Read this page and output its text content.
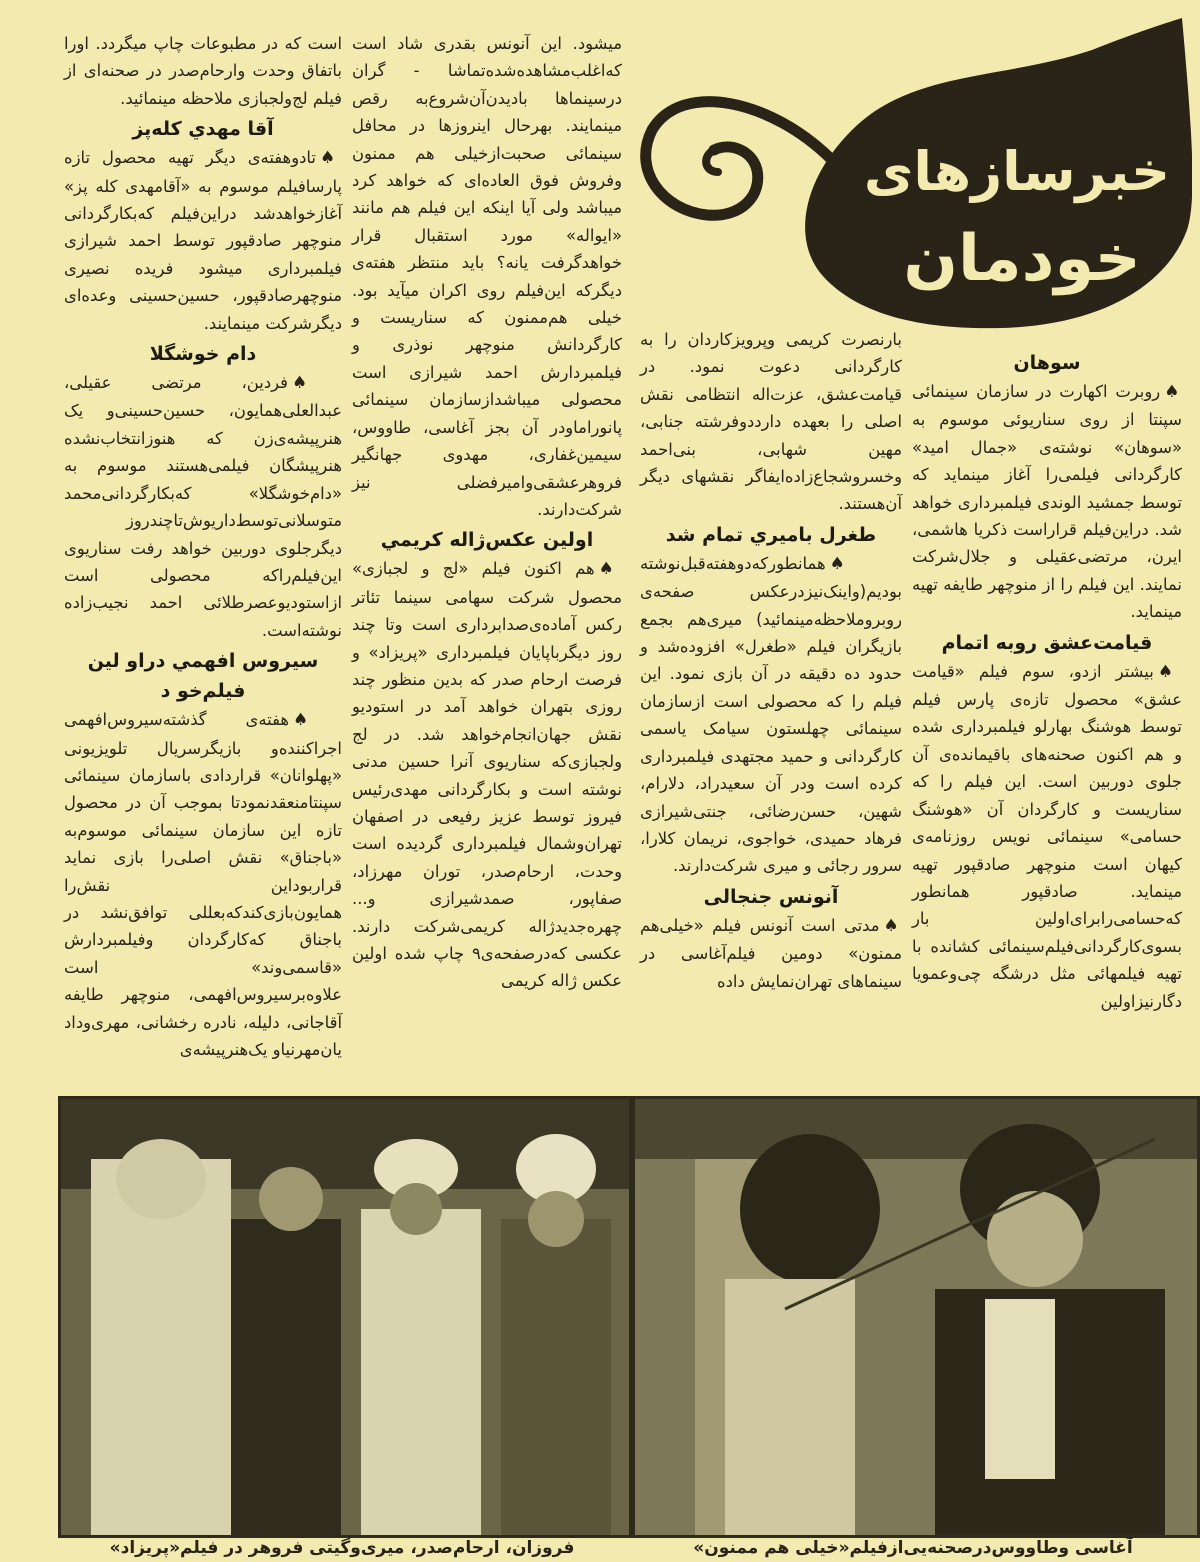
خبرسازهای
خودمان
سوهان

♠روبرت اکهارت در سازمان سینمائی سپنتا از روی سناریوئی موسوم به «سوهان» نوشته‌ی «جمال امید» کارگردانی فیلمی‌را آغاز مینماید که توسط جمشید الوندی فیلمبرداری خواهد شد. دراین‌فیلم قراراست ذکریا هاشمی، ایرن، مرتضی‌عقیلی و جلال‌شرکت نمایند. این فیلم را از منوچهر طایفه تهیه مینماید.

قیامت‌عشق روبه اتمام

♠بیشتر ازدو، سوم فیلم «قیامت عشق» محصول تازه‌ی پارس فیلم توسط هوشنگ بهارلو فیلمبرداری شده و هم اکنون صحنه‌های باقیمانده‌ی آن جلوی دوربین است. این فیلم را که سناریست و کارگردان آن «هوشنگ حسامی» سینمائی نویس روزنامه‌ی کیهان است منوچهر صادقپور تهیه مینماید. صادقپور همانطور که‌حسامی‌رابرای‌اولین بار بسوی‌کارگردانی‌فیلم‌سینمائی کشانده با تهیه فیلمهائی مثل درشگه چی‌وعمویا دگارنیزاولین

بارنصرت کریمی وپرویزکاردان را به کارگردانی دعوت نمود. در قیامت‌عشق، عزت‌اله انتظامی نقش اصلی را بعهده دارددوفرشته جنابی، مهین شهابی، بنی‌احمد وخسروشجاع‌زاده‌ایفاگر نقشهای دیگر آن‌هستند.

طغرل باميري تمام شد

♠همانطورکه‌دوهفته‌قبل‌نوشته بودیم(واینک‌نیزدرعکس صفحه‌ی روبرو‌ملاحظه‌مینمائید) میری‌هم بجمع بازیگران فیلم «طغرل» افزوده‌شد و حدود ده دقیقه در آن بازی نمود. این فیلم را که محصولی است ازسازمان سینمائی چهلستون سیامک یاسمی کارگردانی و حمید مجتهدی فیلمبرداری کرده است ودر آن سعیدراد، دلارام، شهین، حسن‌رضائی، جنتی‌شیرازی فرهاد حمیدی، خواجوی، نریمان کلارا، سرور رجائی و میری شرکت‌دارند.

آنونس جنجالی

♠مدتی است آنونس فیلم «خیلی‌هم ممنون» دومین فیلم‌آغاسی در سینماهای تهران‌نمایش داده

میشود. این آنونس بقدری شاد است که‌اغلب‌مشاهده‌شده‌تماشا - گران درسینماها بادیدن‌آن‌شروع‌به رقص مینمایند. بهرحال اینروزها در محافل سینمائی صحبت‌ازخیلی هم ممنون وفروش فوق العاده‌ای که خواهد کرد میباشد ولی آیا اینکه این فیلم هم مانند «ایواله» مورد استقبال قرار خواهدگرفت یانه؟ باید منتظر هفته‌ی دیگرکه این‌فیلم روی اکران میآید بود. خیلی هم‌ممنون که سناریست و کارگردانش منوچهر نوذری و فیلمبردارش احمد شیرازی است محصولی میباشدازسازمان سینمائی پانوراماودر آن بجز آغاسی، طاووس، سیمین‌غفاری، مهدوی جهانگیر فروهر‌عشقی‌وامیر‌فضلی نیز شرکت‌دارند.

اولين عكس‌ژاله كريمي

♠هم اکنون فیلم «لج و لجبازی» محصول شرکت سهامی سینما تئاتر رکس آماده‌ی‌صدابرداری است وتا چند روز دیگربا‌پایان فیلمبرداری «پریزاد» و فرصت ارحام صدر که بدین منظور چند روزی بتهران خواهد آمد در استودیو نقش جهان‌انجام‌خواهد شد. در لج ولجبازی‌که سناریوی آنرا حسین مدنی نوشته است و بکارگردانی مهدی‌رئیس فیروز توسط عزیز رفیعی در اصفهان تهران‌وشمال فیلمبرداری گردیده است وحدت، ارحام‌صدر، توران مهرزاد، صفاپور، صمد‌شیرازی و... چهره‌جدیدژاله کریمی‌شرکت دارند. عکسی که‌درصفحه‌ی۹ چاپ شده اولین عکس ژاله کریمی

است که در مطبوعات چاپ میگردد. اورا باتفاق وحدت وارحام‌صدر در صحنه‌ای از فیلم لج‌ولجبازی ملاحظه مینمائید.

آقا مهدي كله‌پز

♠تادوهفته‌ی دیگر تهیه محصول تازه پارسافیلم موسوم به «آقامهدی کله پز» آغازخواهدشد دراین‌فیلم که‌بکارگردانی منوچهر صادقپور توسط احمد شیرازی فیلمبرداری میشود فریده نصیری منوچهرصادقپور، حسین‌حسینی وعده‌ای دیگرشرکت مینمایند.

دام خوشگلا

♠فردین، مرتضی عقیلی، عبدالعلی‌همایون، حسین‌حسینی‌و یک هنرپیشه‌ی‌زن که هنوزانتخاب‌نشده هنرپیشگان فیلمی‌هستند موسوم به «دام‌خوشگلا» که‌بکارگردانی‌محمد متوسلانی‌توسط‌داریوش‌تاچندروز دیگرجلوی دوربین خواهد رفت سناریوی این‌فیلم‌راکه محصولی است ازاستودیوعصرطلائی احمد نجیب‌زاده نوشته‌است.

سيروس افهمي دراو لين فيلم‌خو د

♠هفته‌ی گذشته‌سیروس‌افهمی اجراکننده‌و بازیگرسریال تلویزیونی «پهلوانان» قراردادی باسازمان سینمائی سپنتامنعقدنمودتا بموجب آن در محصول تازه این سازمان سینمائی موسوم‌به «باجناق» نقش اصلی‌را بازی نماید قراربوداین نقش‌را همایون‌بازی‌کندکه‌بعللی توافق‌نشد در باجناق که‌کارگردان وفیلمبردارش «قاسمی‌وند» است علاوه‌برسیروس‌افهمی، منوچهر طایفه آقاجانی، دلیله، نادره رخشانی، مهری‌وداد یان‌مهرنیاو یک‌هنرپیشه‌ی

فروزان، ارحام‌صدر، میری‌وگیتی فروهر در فیلم«پریزاد»	آغاسی وطاووس‌درصحنه‌یی‌ازفیلم«خیلی هم ممنون»
